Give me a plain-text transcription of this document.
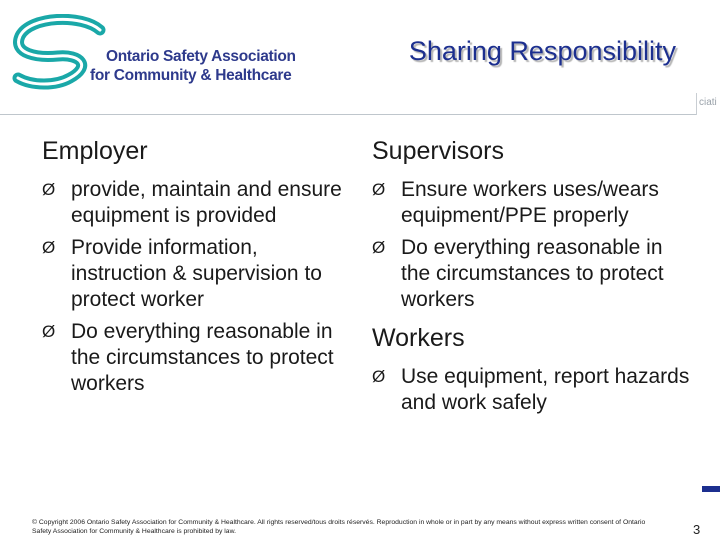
Ontario Safety Association
for Community & Healthcare
Sharing Responsibility
ciati
Employer
Ø provide, maintain and ensure equipment is provided
Ø Provide information, instruction & supervision to protect worker
Ø Do everything reasonable in the circumstances to protect workers
Supervisors
Ø Ensure workers uses/wears equipment/PPE properly
Ø Do everything reasonable in the circumstances to protect workers
Workers
Ø Use equipment, report hazards and work safely
© Copyright 2006 Ontario Safety Association for Community & Healthcare. All rights reserved/tous droits réservés. Reproduction in whole or in part by any means without express written consent of Ontario Safety Association for Community & Healthcare is prohibited by law.	3
